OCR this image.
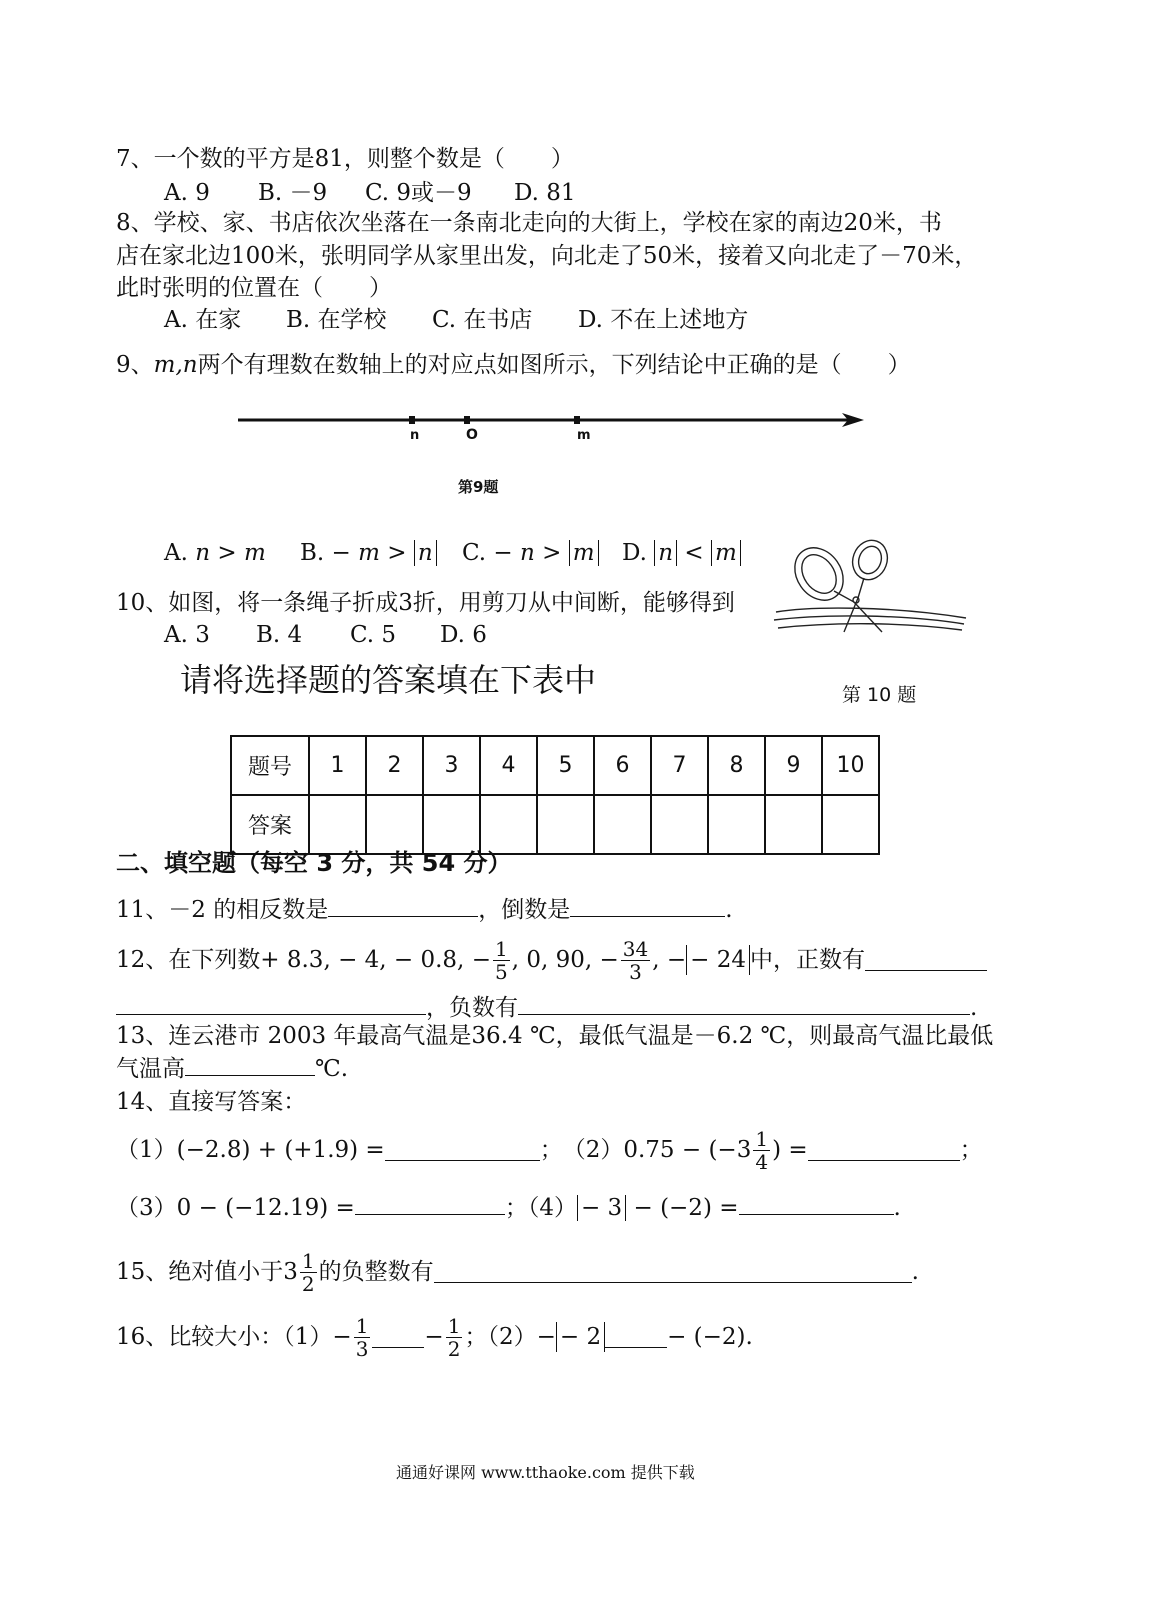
7、一个数的平方是81，则整个数是（　　）
A. 9 B. －9 C. 9或－9 D. 81
8、学校、家、书店依次坐落在一条南北走向的大街上，学校在家的南边20米，书
店在家北边100米，张明同学从家里出发，向北走了50米，接着又向北走了－70米，
此时张明的位置在（　　）
A. 在家 B. 在学校 C. 在书店 D. 不在上述地方
9、m,n两个有理数在数轴上的对应点如图所示，下列结论中正确的是（　　）
n	O	m
第9题
A. n > m B. − m > n C. − n > m D. n < m
10、如图，将一条绳子折成3折，用剪刀从中间断，能够得到
A. 3 B. 4 C. 5 D. 6
请将选择题的答案填在下表中	第 10 题
题号	1	2	3	4	5	6	7	8	9	10
答案										
二、填空题（每空 3 分，共 54 分）
11、－2 的相反数是	，倒数是	.
12、在下列数 + 8.3, − 4, − 0.8,
− $\frac{1}{5}$ , 0, 90,
− $\frac{34}{3}$ , − − 24 中，正数有
，负数有	.
13、连云港市 2003 年最高气温是36.4 ℃，最低气温是－6.2 ℃，则最高气温比最低
气温高	℃.
14、直接写答案：
（1） (−2.8) + (+1.9) =	； （2） $0.75 - (-3 \frac{1}{4}$ ) =	；
（3）0 − (−12.19) =	；（4） − 3 − (−2) =	.
15、绝对值小于 $3 \frac{1}{2}$ 的负整数有	.
16、比较大小：$(1) - \frac{1}{3} - \frac{1}{2}$ ；（2） − − 2	− (−2) .
通通好课网 www.tthaoke.com 提供下载
